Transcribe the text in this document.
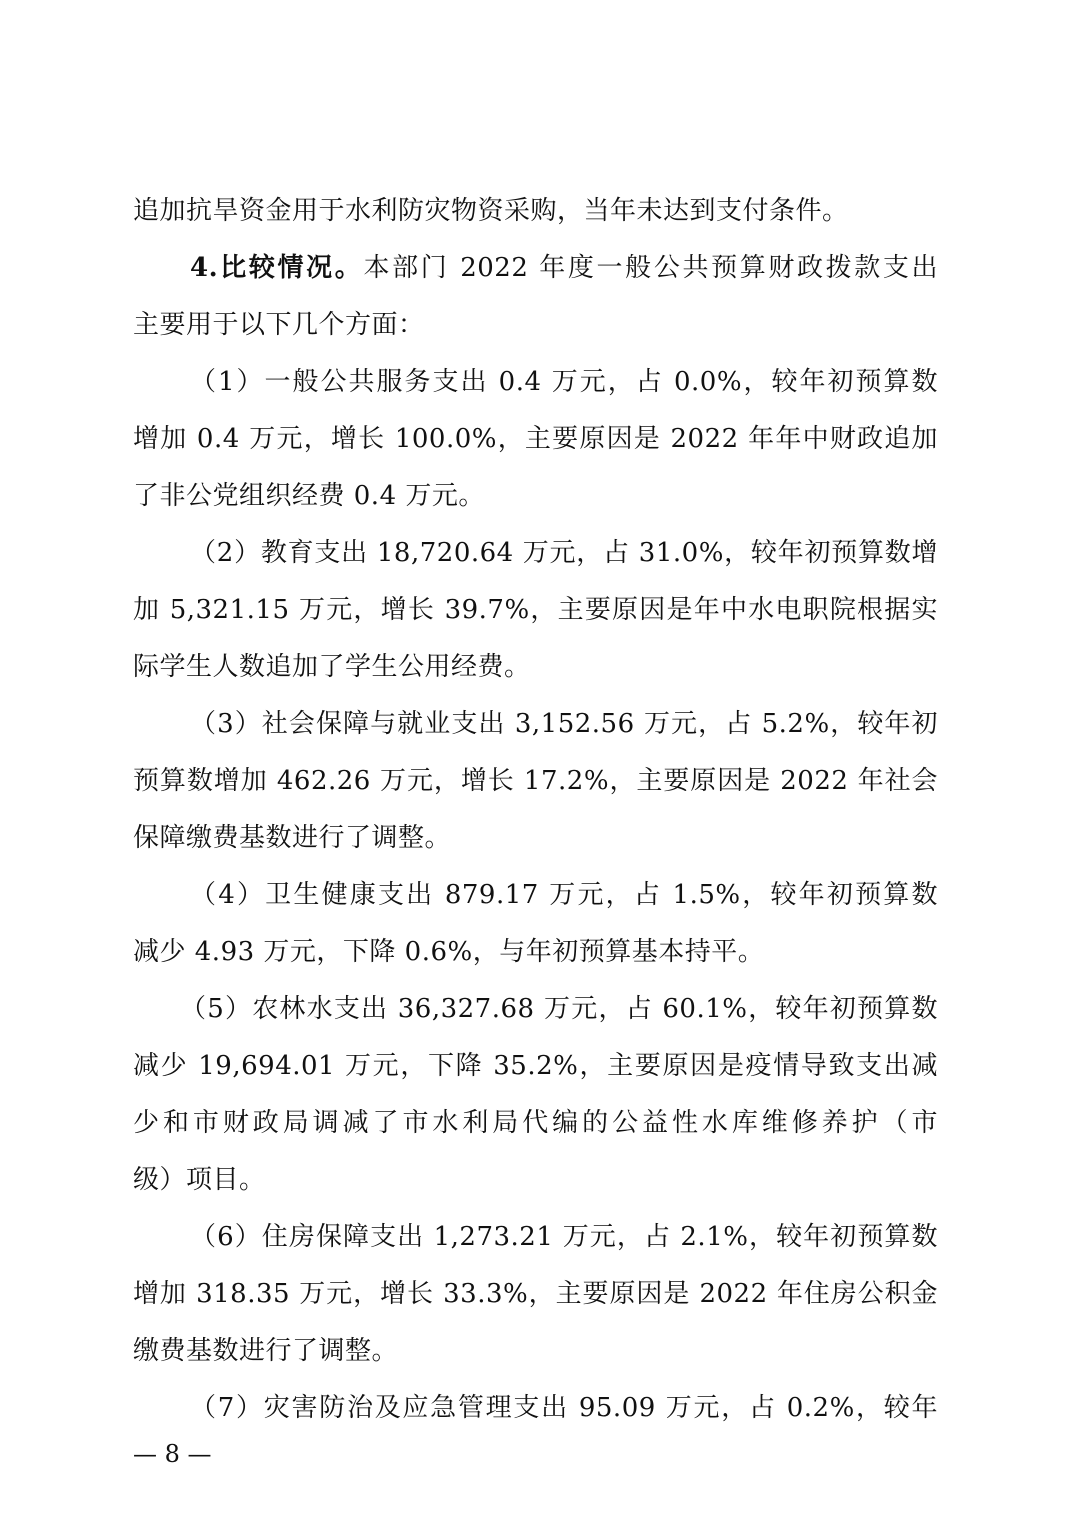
追加抗旱资金用于水利防灾物资采购，当年未达到支付条件。
4.比较情况。本部门 2022 年度一般公共预算财政拨款支出
主要用于以下几个方面：
（1）一般公共服务支出 0.4 万元，占 0.0%，较年初预算数
增加 0.4 万元，增长 100.0%，主要原因是 2022 年年中财政追加
了非公党组织经费 0.4 万元。
（2）教育支出 18,720.64 万元，占 31.0%，较年初预算数增
加 5,321.15 万元，增长 39.7%，主要原因是年中水电职院根据实
际学生人数追加了学生公用经费。
（3）社会保障与就业支出 3,152.56 万元，占 5.2%，较年初
预算数增加 462.26 万元，增长 17.2%，主要原因是 2022 年社会
保障缴费基数进行了调整。
（4）卫生健康支出 879.17 万元，占 1.5%，较年初预算数
减少 4.93 万元，下降 0.6%，与年初预算基本持平。
（5）农林水支出 36,327.68 万元，占 60.1%，较年初预算数
减少 19,694.01 万元，下降 35.2%，主要原因是疫情导致支出减
少和市财政局调减了市水利局代编的公益性水库维修养护（市
级）项目。
（6）住房保障支出 1,273.21 万元，占 2.1%，较年初预算数
增加 318.35 万元，增长 33.3%，主要原因是 2022 年住房公积金
缴费基数进行了调整。
（7）灾害防治及应急管理支出 95.09 万元，占 0.2%，较年
— 8 —
